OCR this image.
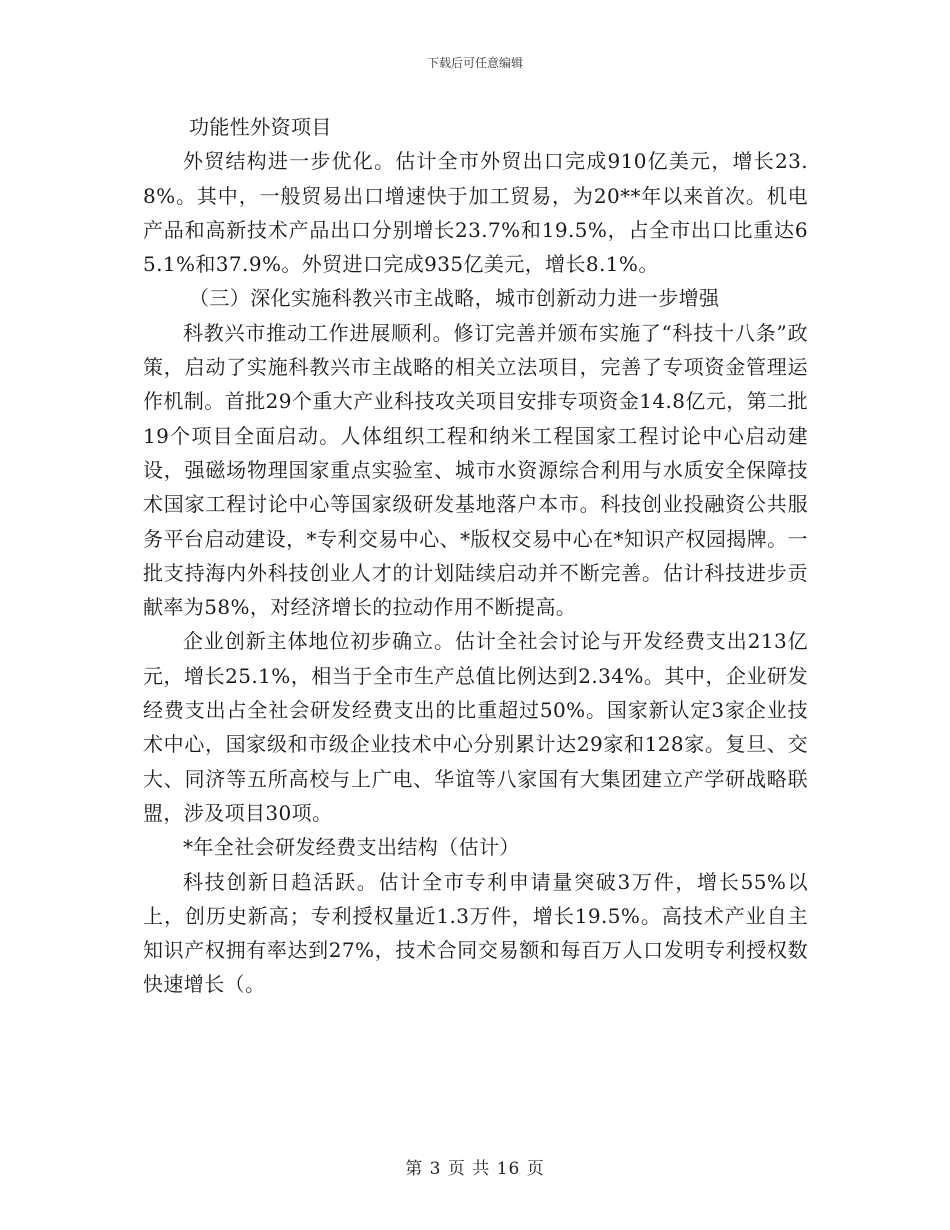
下载后可任意编辑

功能性外资项目

外贸结构进一步优化。估计全市外贸出口完成910亿美元，增长23.8%。其中，一般贸易出口增速快于加工贸易，为20**年以来首次。机电产品和高新技术产品出口分别增长23.7%和19.5%，占全市出口比重达65.1%和37.9%。外贸进口完成935亿美元，增长8.1%。

（三）深化实施科教兴市主战略，城市创新动力进一步增强

科教兴市推动工作进展顺利。修订完善并颁布实施了“科技十八条”政策，启动了实施科教兴市主战略的相关立法项目，完善了专项资金管理运作机制。首批29个重大产业科技攻关项目安排专项资金14.8亿元，第二批19个项目全面启动。人体组织工程和纳米工程国家工程讨论中心启动建设，强磁场物理国家重点实验室、城市水资源综合利用与水质安全保障技术国家工程讨论中心等国家级研发基地落户本市。科技创业投融资公共服务平台启动建设，*专利交易中心、*版权交易中心在*知识产权园揭牌。一批支持海内外科技创业人才的计划陆续启动并不断完善。估计科技进步贡献率为58%，对经济增长的拉动作用不断提高。

企业创新主体地位初步确立。估计全社会讨论与开发经费支出213亿元，增长25.1%，相当于全市生产总值比例达到2.34%。其中，企业研发经费支出占全社会研发经费支出的比重超过50%。国家新认定3家企业技术中心，国家级和市级企业技术中心分别累计达29家和128家。复旦、交大、同济等五所高校与上广电、华谊等八家国有大集团建立产学研战略联盟，涉及项目30项。

*年全社会研发经费支出结构（估计）

科技创新日趋活跃。估计全市专利申请量突破3万件，增长55%以上，创历史新高；专利授权量近1.3万件，增长19.5%。高技术产业自主知识产权拥有率达到27%，技术合同交易额和每百万人口发明专利授权数快速增长（。

第 3 页 共 16 页
